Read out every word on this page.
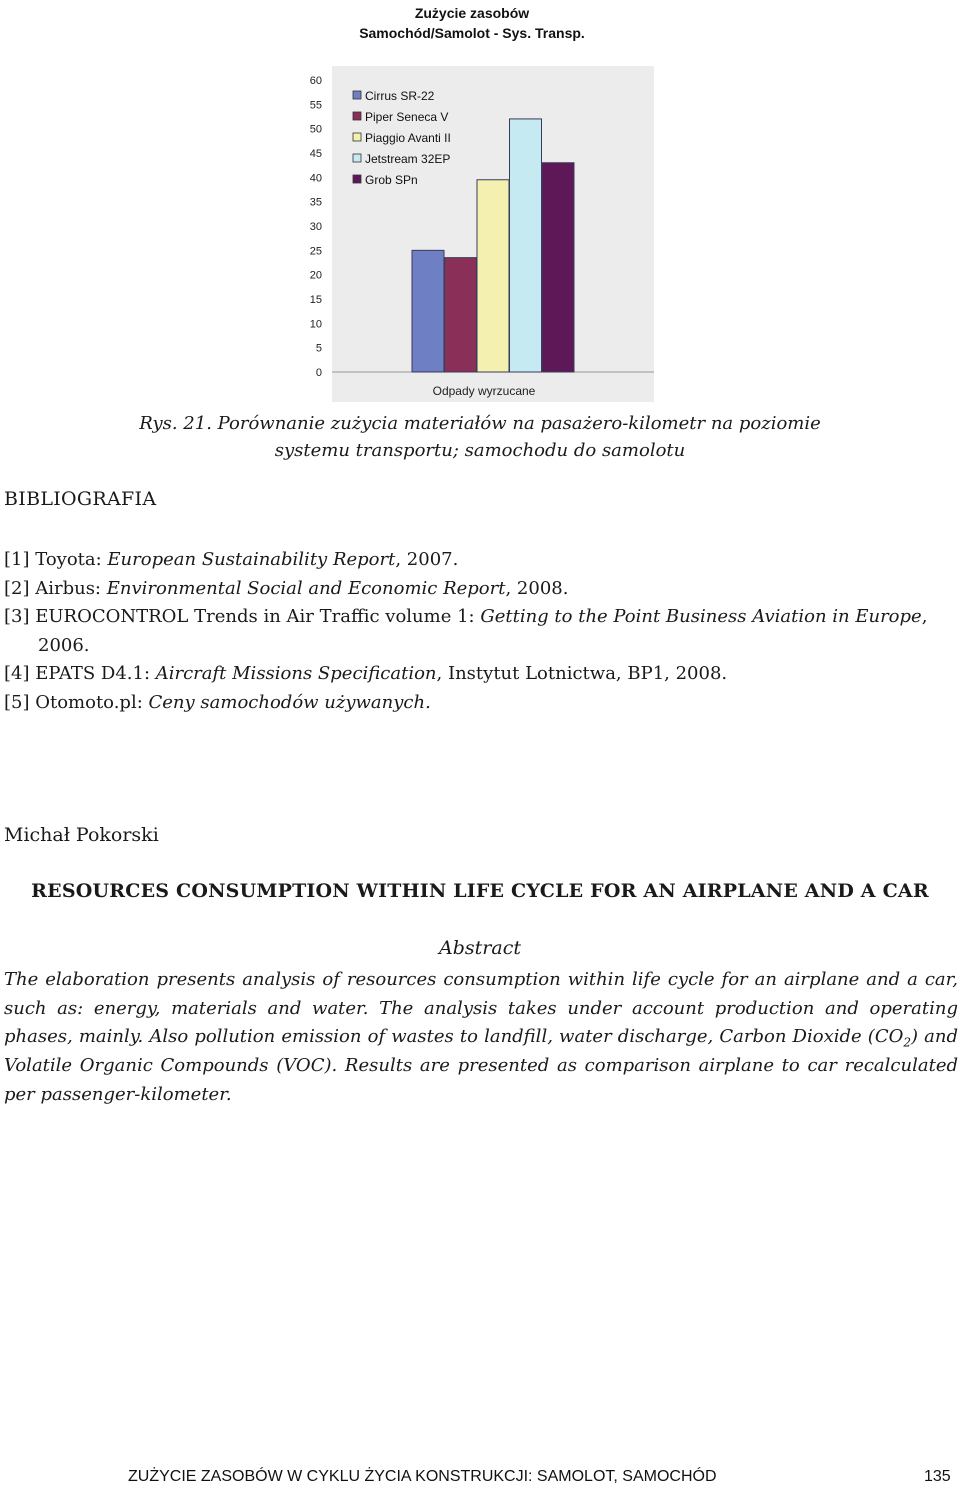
Zużycie zasobów
Samochód/Samolot - Sys. Transp.
0
5
10
15
20
25
30
35
40
45
50
55
60
Cirrus SR-22
Piper Seneca V
Piaggio Avanti II
Jetstream 32EP
Grob SPn
Odpady wyrzucane
Rys. 21. Porównanie zużycia materiałów na pasażero-kilometr na poziomie
systemu transportu; samochodu do samolotu
BIBLIOGRAFIA
[1] Toyota: European Sustainability Report, 2007.
[2] Airbus: Environmental Social and Economic Report, 2008.
[3] EUROCONTROL Trends in Air Traffic volume 1: Getting to the Point Business Aviation in Europe, 2006.
[4] EPATS D4.1: Aircraft Missions Specification, Instytut Lotnictwa, BP1, 2008.
[5] Otomoto.pl: Ceny samochodów używanych.
Michał Pokorski
RESOURCES CONSUMPTION WITHIN LIFE CYCLE FOR AN AIRPLANE AND A CAR
Abstract

The elaboration presents analysis of resources consumption within life cycle for an airplane and a car, such as: energy, materials and water. The analysis takes under account production and operating phases, mainly. Also pollution emission of wastes to landfill, water discharge, Carbon Dioxide $(CO_2)$ and Volatile Organic Compounds (VOC). Results are presented as comparison airplane to car recalculated per passenger-kilometer.

ZUŻYCIE ZASOBÓW W CYKLU ŻYCIA KONSTRUKCJI: SAMOLOT, SAMOCHÓD	135
